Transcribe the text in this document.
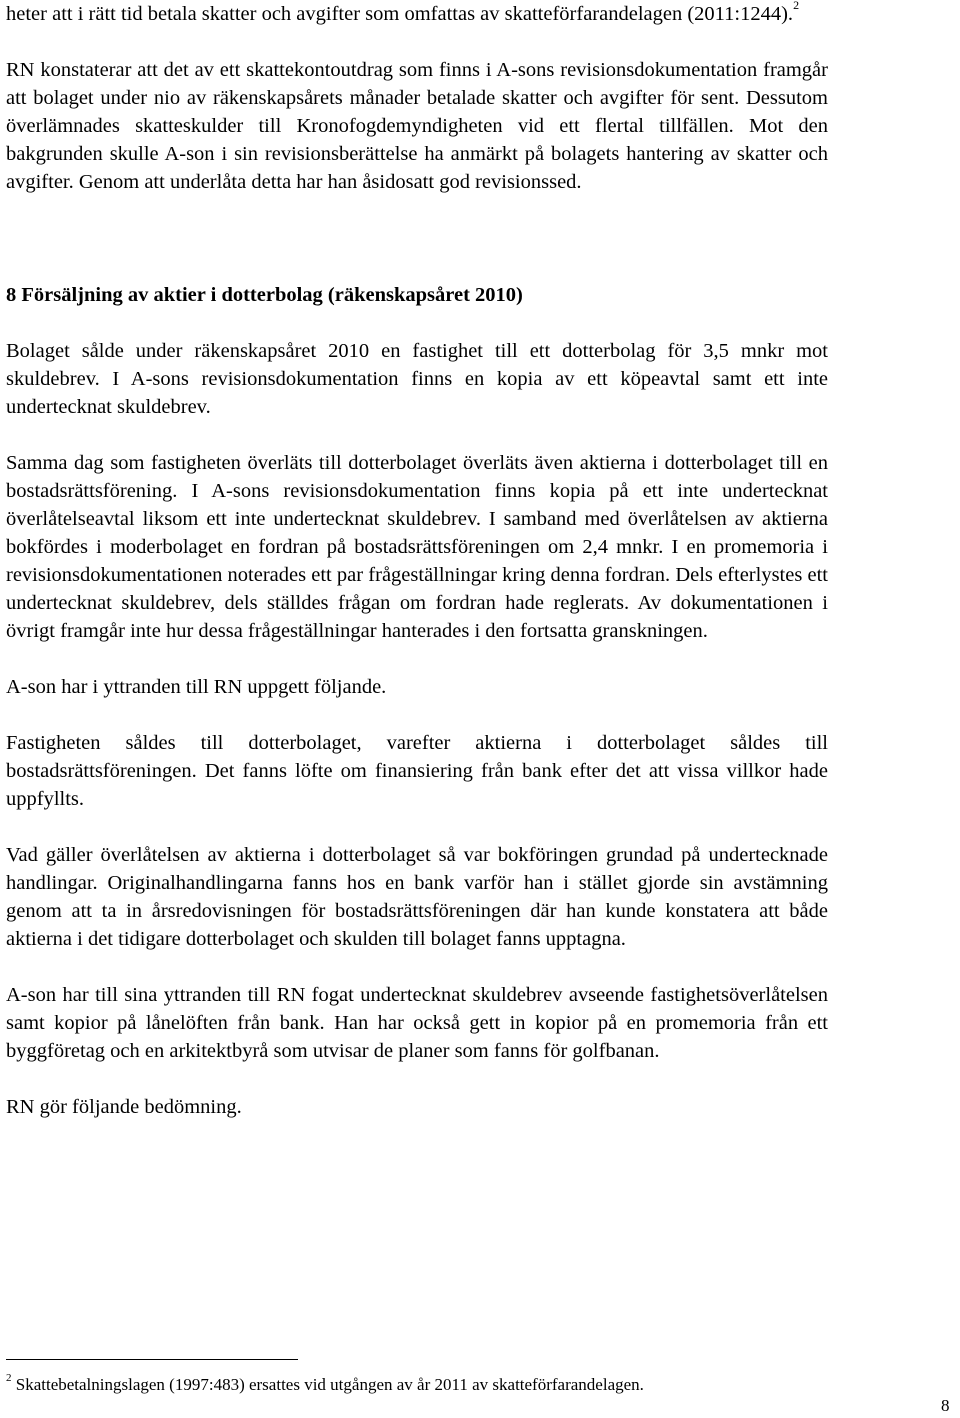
heter att i rätt tid betala skatter och avgifter som omfattas av skatteförfarandelagen (2011:1244).$^2$

RN konstaterar att det av ett skattekontoutdrag som finns i A-sons revisionsdokumentation framgår att bolaget under nio av räkenskapsårets månader betalade skatter och avgifter för sent. Dessutom överlämnades skatteskulder till Kronofogdemyndigheten vid ett flertal tillfällen. Mot den bakgrunden skulle A-son i sin revisionsberättelse ha anmärkt på bolagets hantering av skatter och avgifter. Genom att underlåta detta har han åsidosatt god revisionssed.

8 Försäljning av aktier i dotterbolag (räkenskapsåret 2010)

Bolaget sålde under räkenskapsåret 2010 en fastighet till ett dotterbolag för 3,5 mnkr mot skuldebrev. I A-sons revisionsdokumentation finns en kopia av ett köpeavtal samt ett inte undertecknat skuldebrev.

Samma dag som fastigheten överläts till dotterbolaget överläts även aktierna i dotterbolaget till en bostadsrättsförening. I A-sons revisionsdokumentation finns kopia på ett inte undertecknat överlåtelseavtal liksom ett inte undertecknat skuldebrev. I samband med överlåtelsen av aktierna bokfördes i moderbolaget en fordran på bostadsrättsföreningen om 2,4 mnkr. I en promemoria i revisionsdokumentationen noterades ett par frågeställningar kring denna fordran. Dels efterlystes ett undertecknat skuldebrev, dels ställdes frågan om fordran hade reglerats. Av dokumentationen i övrigt framgår inte hur dessa frågeställningar hanterades i den fortsatta granskningen.

A-son har i yttranden till RN uppgett följande.

Fastigheten såldes till dotterbolaget, varefter aktierna i dotterbolaget såldes till bostadsrättsföreningen. Det fanns löfte om finansiering från bank efter det att vissa villkor hade uppfyllts.

Vad gäller överlåtelsen av aktierna i dotterbolaget så var bokföringen grundad på undertecknade handlingar. Originalhandlingarna fanns hos en bank varför han i stället gjorde sin avstämning genom att ta in årsredovisningen för bostadsrättsföreningen där han kunde konstatera att både aktierna i det tidigare dotterbolaget och skulden till bolaget fanns upptagna.

A-son har till sina yttranden till RN fogat undertecknat skuldebrev avseende fastighetsöverlåtelsen samt kopior på lånelöften från bank. Han har också gett in kopior på en promemoria från ett byggföretag och en arkitektbyrå som utvisar de planer som fanns för golfbanan.

RN gör följande bedömning.

$^2$ Skattebetalningslagen (1997:483) ersattes vid utgången av år 2011 av skatteförfarandelagen.
8
